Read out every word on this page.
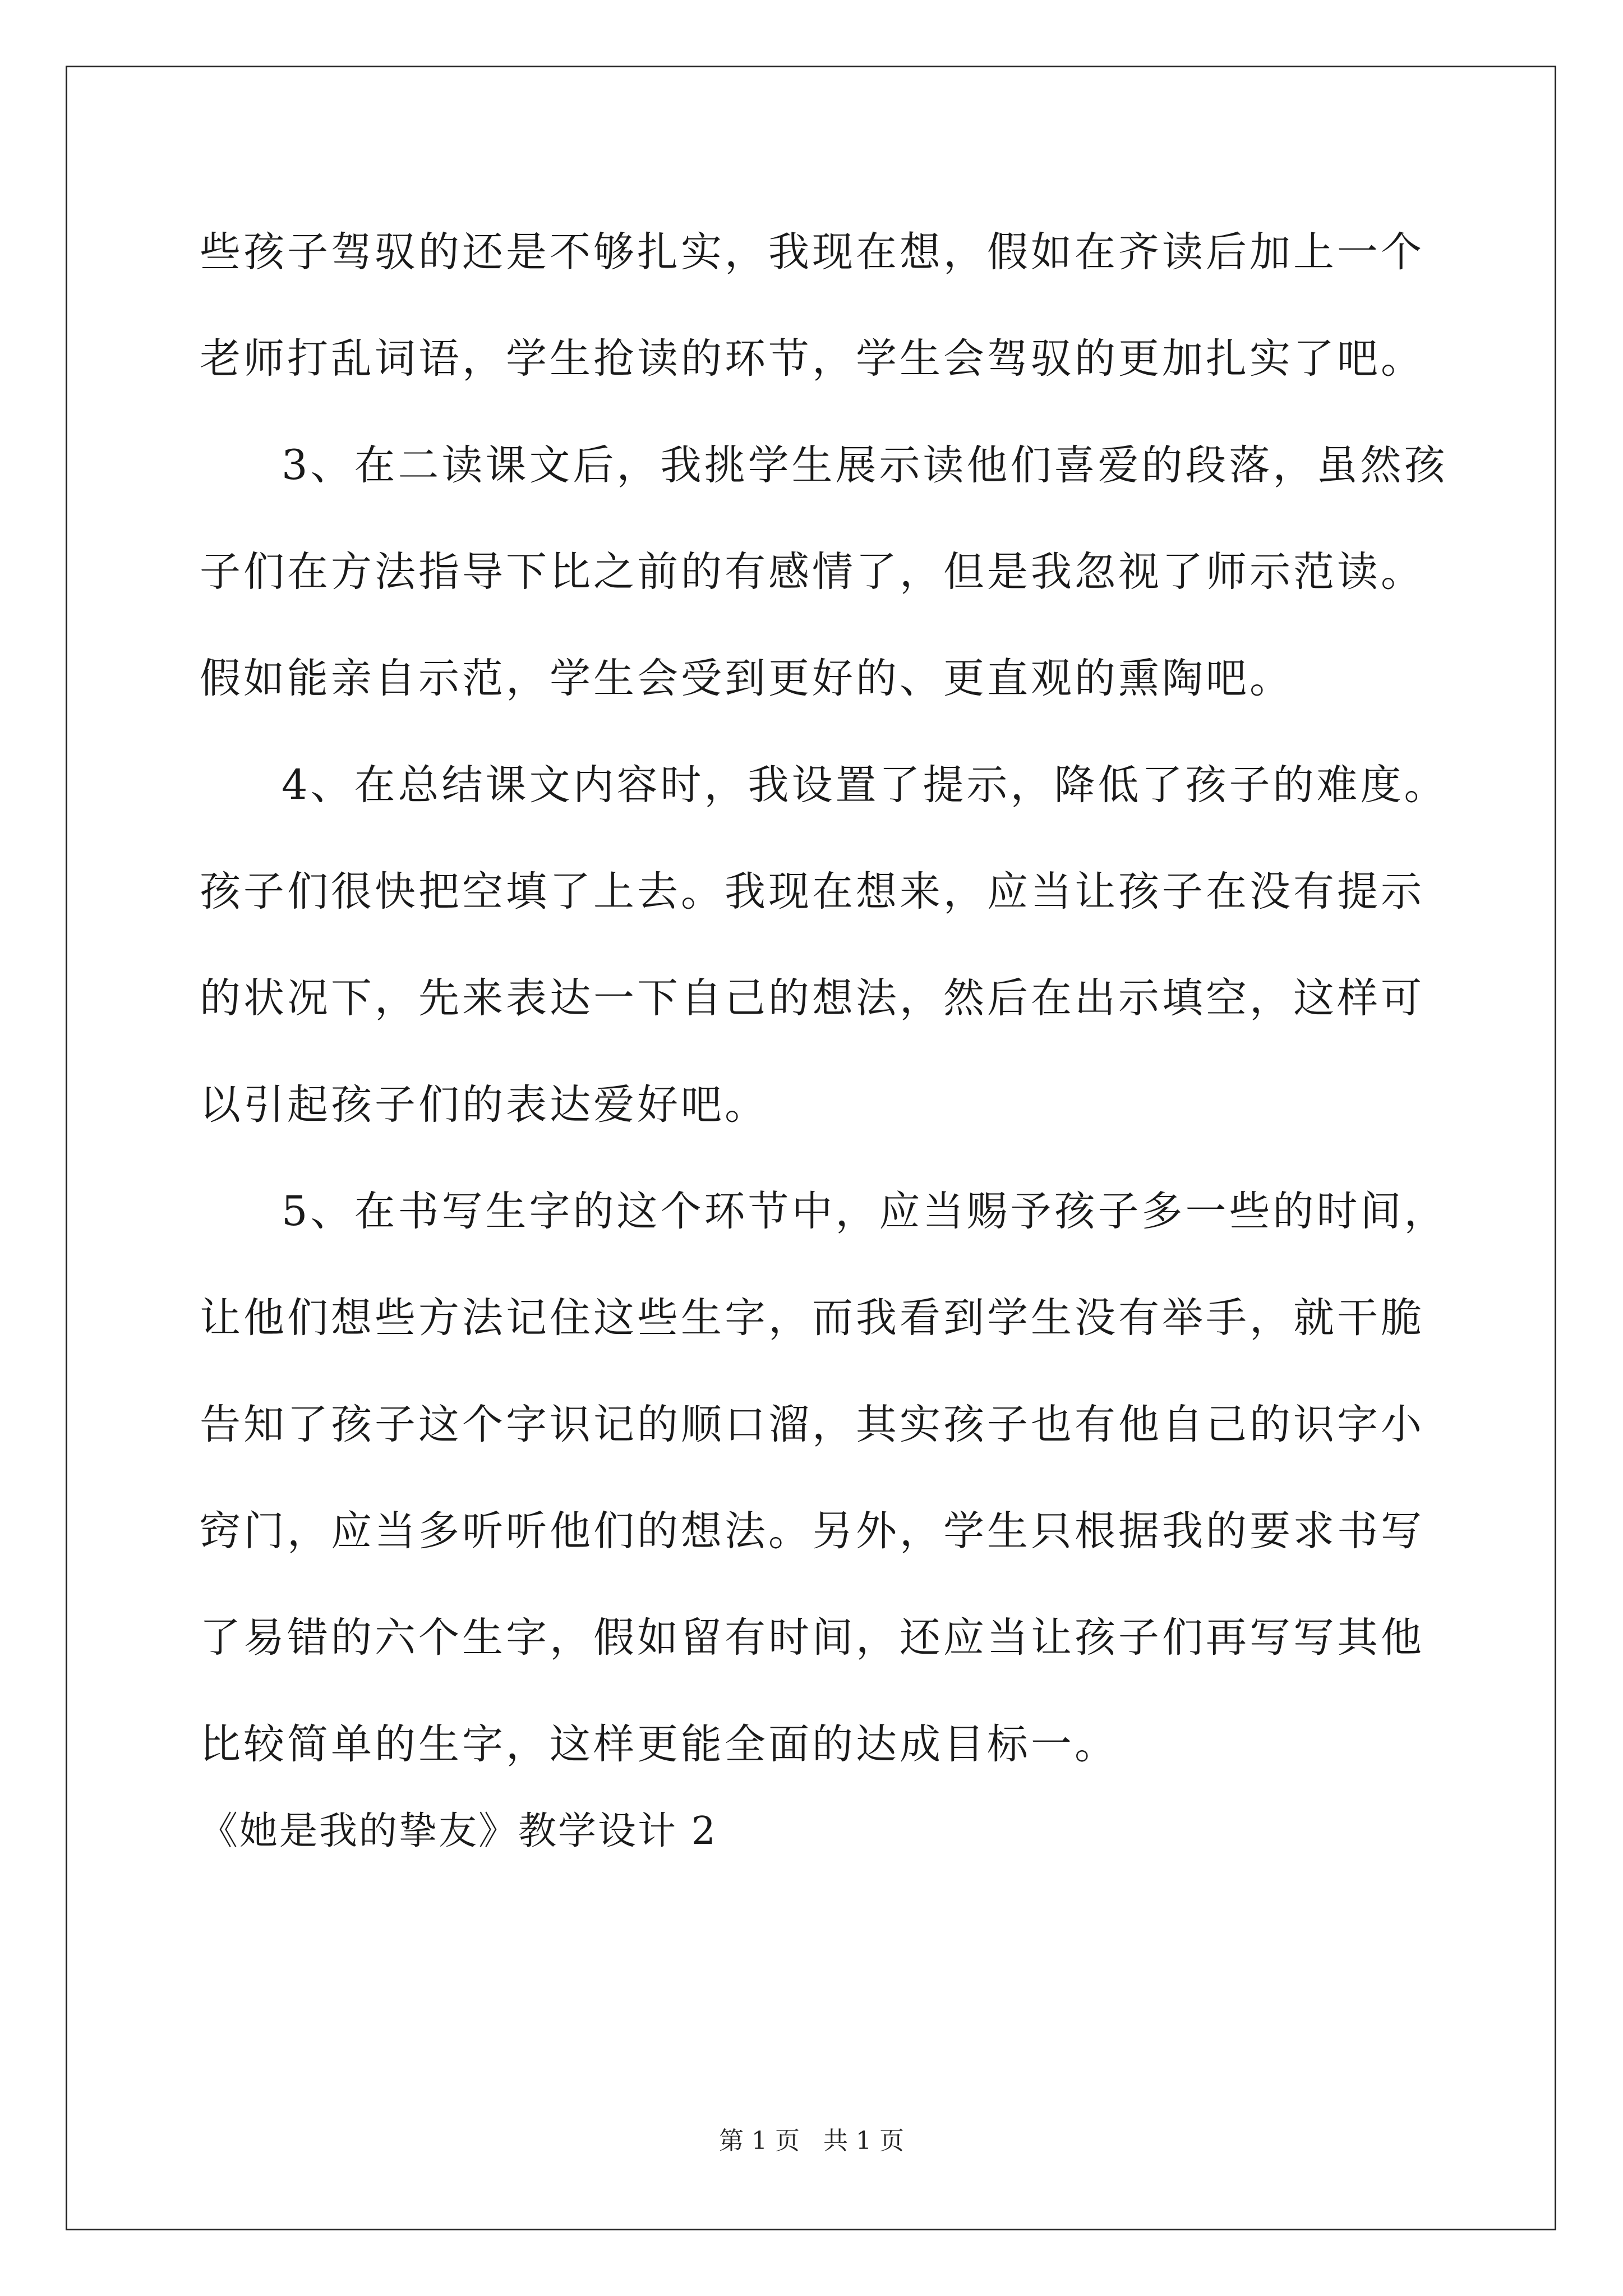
些孩子驾驭的还是不够扎实，我现在想，假如在齐读后加上一个老师打乱词语，学生抢读的环节，学生会驾驭的更加扎实了吧。

3、在二读课文后，我挑学生展示读他们喜爱的段落，虽然孩子们在方法指导下比之前的有感情了，但是我忽视了师示范读。假如能亲自示范，学生会受到更好的、更直观的熏陶吧。

4、在总结课文内容时，我设置了提示，降低了孩子的难度。孩子们很快把空填了上去。我现在想来，应当让孩子在没有提示的状况下，先来表达一下自己的想法，然后在出示填空，这样可以引起孩子们的表达爱好吧。

5、在书写生字的这个环节中，应当赐予孩子多一些的时间，让他们想些方法记住这些生字，而我看到学生没有举手，就干脆告知了孩子这个字识记的顺口溜，其实孩子也有他自己的识字小窍门，应当多听听他们的想法。另外，学生只根据我的要求书写了易错的六个生字，假如留有时间，还应当让孩子们再写写其他比较简单的生字，这样更能全面的达成目标一。

《她是我的挚友》教学设计 2

第 1 页   共 1 页
